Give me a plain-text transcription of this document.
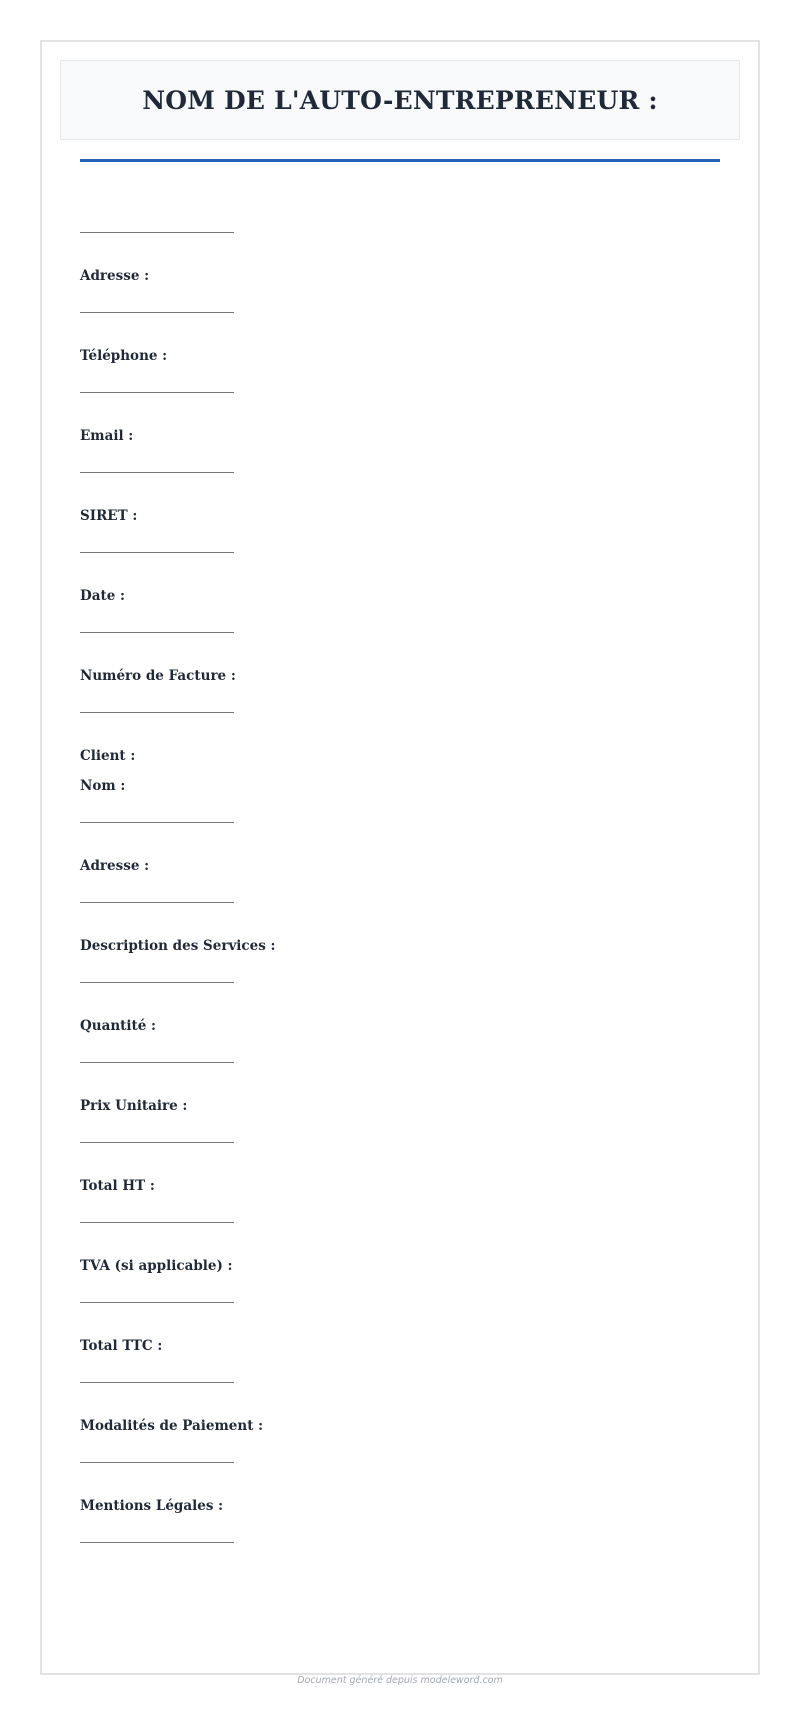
NOM DE L'AUTO-ENTREPRENEUR :
Adresse :
Téléphone :
Email :
SIRET :
Date :
Numéro de Facture :
Client :
Nom :
Adresse :
Description des Services :
Quantité :
Prix Unitaire :
Total HT :
TVA (si applicable) :
Total TTC :
Modalités de Paiement :
Mentions Légales :
Document généré depuis modeleword.com
